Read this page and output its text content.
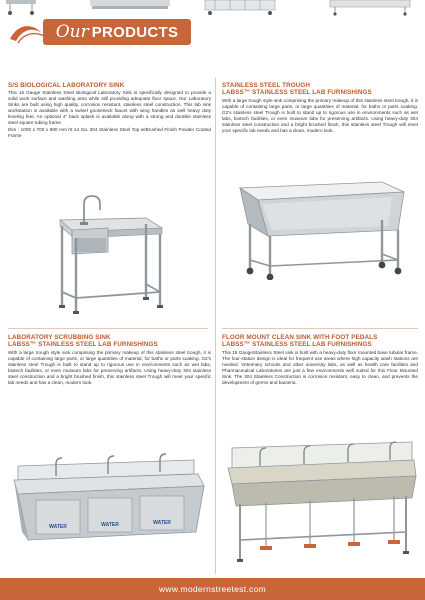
Our PRODUCTS

S/S BIOLOGICAL LABORATORY SINK

This 16 Gauge Stainless Steel Biological Laboratory Sink is specifically designed to provide a solid work surface and washing area while still providing adequate floor space. Our Laboratory Sinks are built using high quality, corrosion resistant, stainless steel construction. This lab sink workstation is available with a swivel gooseneck faucet with wing handles as well heavy duty leveling feet. An optional 4" back splash is available along with a strong and durable stainless steel square tubing frame.
Dim : 1000 x 700 x 900 mm ht 14 Ga. 304 Stainless Steel Top w/Brushed Finish Powder Coated Frame

STAINLESS STEEL TROUGH

LABSS™ STAINLESS STEEL LAB FURNISHINGS

With a large trough style sink comprising the primary makeup of this stainless steel trough, it is capable of containing large parts, or large quantities of material, for baths or parts soaking. G2's stainless steel Trough is built to stand up to rigorous use in environments such as wet labs, biotech facilities, or even museum labs for preserving artifacts. Using heavy-duty 304 stainless steel construction and a bright brushed finish, this stainless steel Trough will meet your specific lab needs and has a clean, modern look.

LABORATORY SCRUBBING SINK

LABSS™ STAINLESS STEEL LAB FURNISHINGS

With a large trough style sink comprising the primary makeup of this stainless steel trough, it is capable of containing large parts, or large quantities of material, for baths or parts soaking. G2's stainless steel Trough is built to stand up to rigorous use in environments such as wet labs, biotech facilities, or even museum labs for preserving artifacts. Using heavy-duty 304 stainless steel construction and a bright brushed finish, this stainless steel Trough will meet your specific lab needs and has a clean, modern look.
WATER	WATER	WATER

FLOOR MOUNT CLEAN SINK WITH FOOT PEDALS

LABSS™ STAINLESS STEEL LAB FURNISHINGS

This 16 GaugeStainless Steel sink is built with a heavy-duty floor mounted base tubular frame. The four-station design is ideal for frequent use areas where high capacity wash stations are needed. Veterinary schools and other university labs, as well as health care facilities and Pharmaceutical Laboratories are just a few environments well suited for this Floor Mounted Sink. The 304 Stainless Construction is corrosion resistant, easy to clean, and prevents the development of germs and bacteria.
www.modernstreetest.com
